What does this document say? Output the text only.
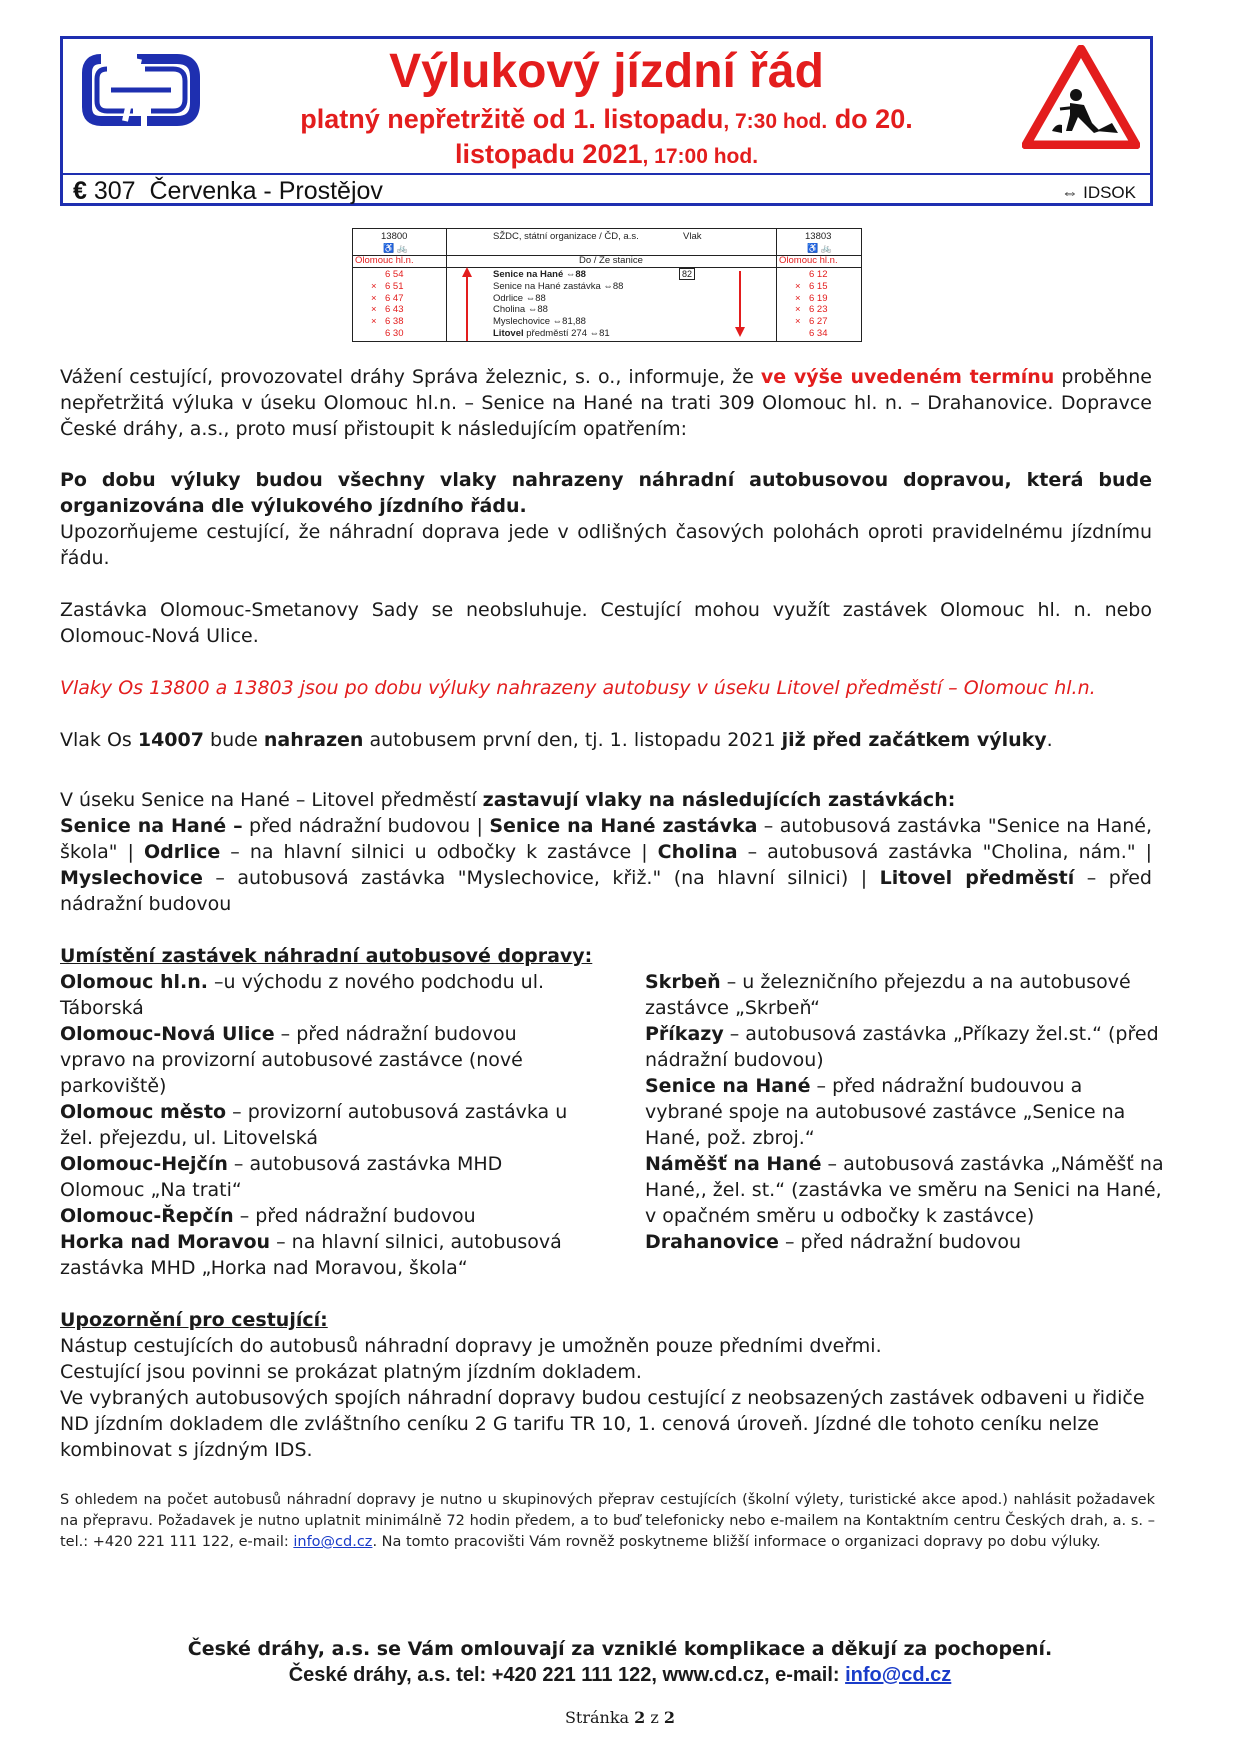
Výlukový jízdní řád
platný nepřetržitě od 1. listopadu, 7:30 hod. do 20.
listopadu 2021, 17:00 hod.
€ 307 Červenka - Prostějov	⇔ IDSOK
13800
♿ 🚲
SŽDC, státní organizace / ČD, a.s.	Vlak	13803
♿ 🚲
Olomouc hl.n.	Do / Ze stanice	Olomouc hl.n.
82
6 54	Senice na Hané ⇔88	6 12
× 6 51	Senice na Hané zastávka ⇔88	× 6 15
× 6 47	Odrlice ⇔88	× 6 19
× 6 43	Cholina ⇔88	× 6 23
× 6 38	Myslechovice ⇔81,88	× 6 27
6 30	Litovel předměstí 274 ⇔81	6 34
Vážení cestující, provozovatel dráhy Správa železnic, s. o., informuje, že ve výše uvedeném termínu proběhne nepřetržitá výluka v úseku Olomouc hl.n. – Senice na Hané na trati 309 Olomouc hl. n. – Drahanovice. Dopravce České dráhy, a.s., proto musí přistoupit k následujícím opatřením:
Po dobu výluky budou všechny vlaky nahrazeny náhradní autobusovou dopravou, která bude organizována dle výlukového jízdního řádu.
Upozorňujeme cestující, že náhradní doprava jede v odlišných časových polohách oproti pravidelnému jízdnímu řádu.
Zastávka Olomouc-Smetanovy Sady se neobsluhuje. Cestující mohou využít zastávek Olomouc hl. n. nebo Olomouc-Nová Ulice.
Vlaky Os 13800 a 13803 jsou po dobu výluky nahrazeny autobusy v úseku Litovel předměstí – Olomouc hl.n.
Vlak Os 14007 bude nahrazen autobusem první den, tj. 1. listopadu 2021 již před začátkem výluky.
V úseku Senice na Hané – Litovel předměstí zastavují vlaky na následujících zastávkách:
Senice na Hané – před nádražní budovou | Senice na Hané zastávka – autobusová zastávka "Senice na Hané, škola" | Odrlice – na hlavní silnici u odbočky k zastávce | Cholina – autobusová zastávka "Cholina, nám." | Myslechovice – autobusová zastávka "Myslechovice, křiž." (na hlavní silnici) | Litovel předměstí – před nádražní budovou
Umístění zastávek náhradní autobusové dopravy:
Olomouc hl.n. –u východu z nového podchodu ul. Táborská
Olomouc-Nová Ulice – před nádražní budovou vpravo na provizorní autobusové zastávce (nové parkoviště)
Olomouc město – provizorní autobusová zastávka u žel. přejezdu, ul. Litovelská
Olomouc-Hejčín – autobusová zastávka MHD Olomouc „Na trati“
Olomouc-Řepčín – před nádražní budovou
Horka nad Moravou – na hlavní silnici, autobusová zastávka MHD „Horka nad Moravou, škola“
Skrbeň – u železničního přejezdu a na autobusové zastávce „Skrbeň“
Příkazy – autobusová zastávka „Příkazy žel.st.“ (před nádražní budovou)
Senice na Hané – před nádražní budouvou a vybrané spoje na autobusové zastávce „Senice na Hané, pož. zbroj.“
Náměšť na Hané – autobusová zastávka „Náměšť na Hané,, žel. st.“ (zastávka ve směru na Senici na Hané, v opačném směru u odbočky k zastávce)
Drahanovice – před nádražní budovou
Upozornění pro cestující:
Nástup cestujících do autobusů náhradní dopravy je umožněn pouze předními dveřmi.
Cestující jsou povinni se prokázat platným jízdním dokladem.
Ve vybraných autobusových spojích náhradní dopravy budou cestující z neobsazených zastávek odbaveni u řidiče ND jízdním dokladem dle zvláštního ceníku 2 G tarifu TR 10, 1. cenová úroveň. Jízdné dle tohoto ceníku nelze kombinovat s jízdným IDS.
S ohledem na počet autobusů náhradní dopravy je nutno u skupinových přeprav cestujících (školní výlety, turistické akce apod.) nahlásit požadavek na přepravu. Požadavek je nutno uplatnit minimálně 72 hodin předem, a to buď telefonicky nebo e-mailem na Kontaktním centru Českých drah, a. s. – tel.: +420 221 111 122, e-mail: info@cd.cz. Na tomto pracovišti Vám rovněž poskytneme bližší informace o organizaci dopravy po dobu výluky.
České dráhy, a.s. se Vám omlouvají za vzniklé komplikace a děkují za pochopení.
České dráhy, a.s. tel: +420 221 111 122, www.cd.cz, e-mail: info@cd.cz
Stránka 2 z 2
